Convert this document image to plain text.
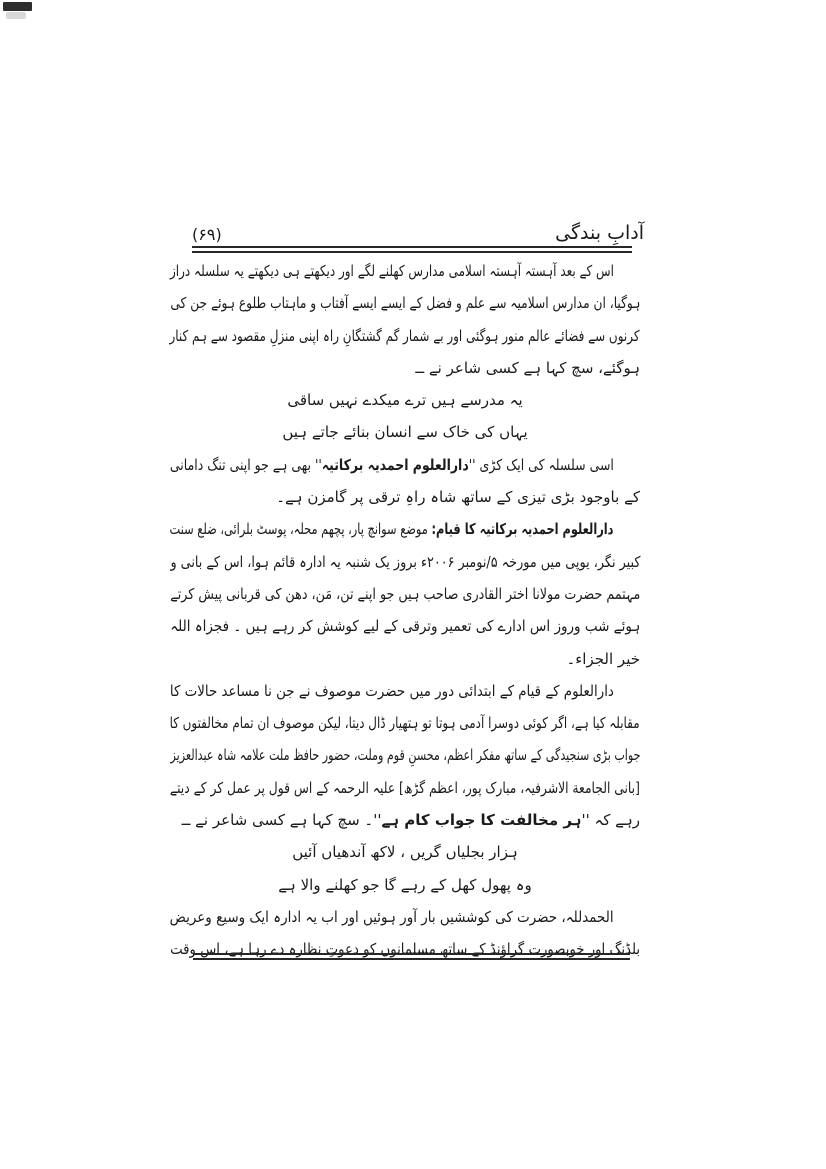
آدابِ بندگی
(۶۹)
اس کے بعد آہستہ آہستہ اسلامی مدارس کھلنے لگے اور دیکھتے ہی دیکھتے یہ سلسلہ دراز
ہوگیا، ان مدارس اسلامیہ سے علم و فضل کے ایسے ایسے آفتاب و ماہتاب طلوع ہوئے جن کی
کرنوں سے فضائے عالم منور ہوگئی اور بے شمار گم گشتگانِ راہ اپنی منزلِ مقصود سے ہم کنار
ہوگئے، سچ کہا ہے کسی شاعر نے ــ
یہ مدرسے ہیں ترے میکدے نہیں ساقی
یہاں کی خاک سے انسان بنائے جاتے ہیں
اسی سلسلہ کی ایک کڑی ''دارالعلوم احمدیہ برکاتیہ'' بھی ہے جو اپنی تنگ دامانی
کے باوجود بڑی تیزی کے ساتھ شاہ راہِ ترقی پر گامزن ہے۔
دارالعلوم احمدیہ برکاتیہ کا قیام: موضع سوانچ پار، پچھم محلہ، پوسٹ بلرائی، ضلع سنت
کبیر نگر، یوپی میں مورخہ ۵/نومبر ۲۰۰۶ء بروز یک شنبہ یہ ادارہ قائم ہوا، اس کے بانی و
مہتمم حضرت مولانا اختر القادری صاحب ہیں جو اپنے تن، مَن، دھن کی قربانی پیش کرتے
ہوئے شب وروز اس ادارے کی تعمیر وترقی کے لیے کوشش کر رہے ہیں ۔ فجزاہ اللہ
خیر الجزاء۔
دارالعلوم کے قیام کے ابتدائی دور میں حضرت موصوف نے جن نا مساعد حالات کا
مقابلہ کیا ہے، اگر کوئی دوسرا آدمی ہوتا تو ہتھیار ڈال دیتا، لیکن موصوف ان تمام مخالفتوں کا
جواب بڑی سنجیدگی کے ساتھ مفکر اعظم، محسنِ قوم وملت، حضور حافظ ملت علامہ شاہ عبدالعزیز
[بانی الجامعة الاشرفیہ، مبارک پور، اعظم گڑھ] علیہ الرحمہ کے اس قول پر عمل کر کے دیتے
رہے کہ ''ہر مخالفت کا جواب کام ہے''۔ سچ کہا ہے کسی شاعر نے ــ
ہزار بجلیاں گریں ، لاکھ آندھیاں آئیں
وہ پھول کھل کے رہے گا جو کھلنے والا ہے
الحمدللہ، حضرت کی کوششیں بار آور ہوئیں اور اب یہ ادارہ ایک وسیع وعریض
بلڈنگ اور خوبصورت گراؤنڈ کے ساتھ مسلمانوں کو دعوتِ نظارہ دے رہا ہے، اس وقت
